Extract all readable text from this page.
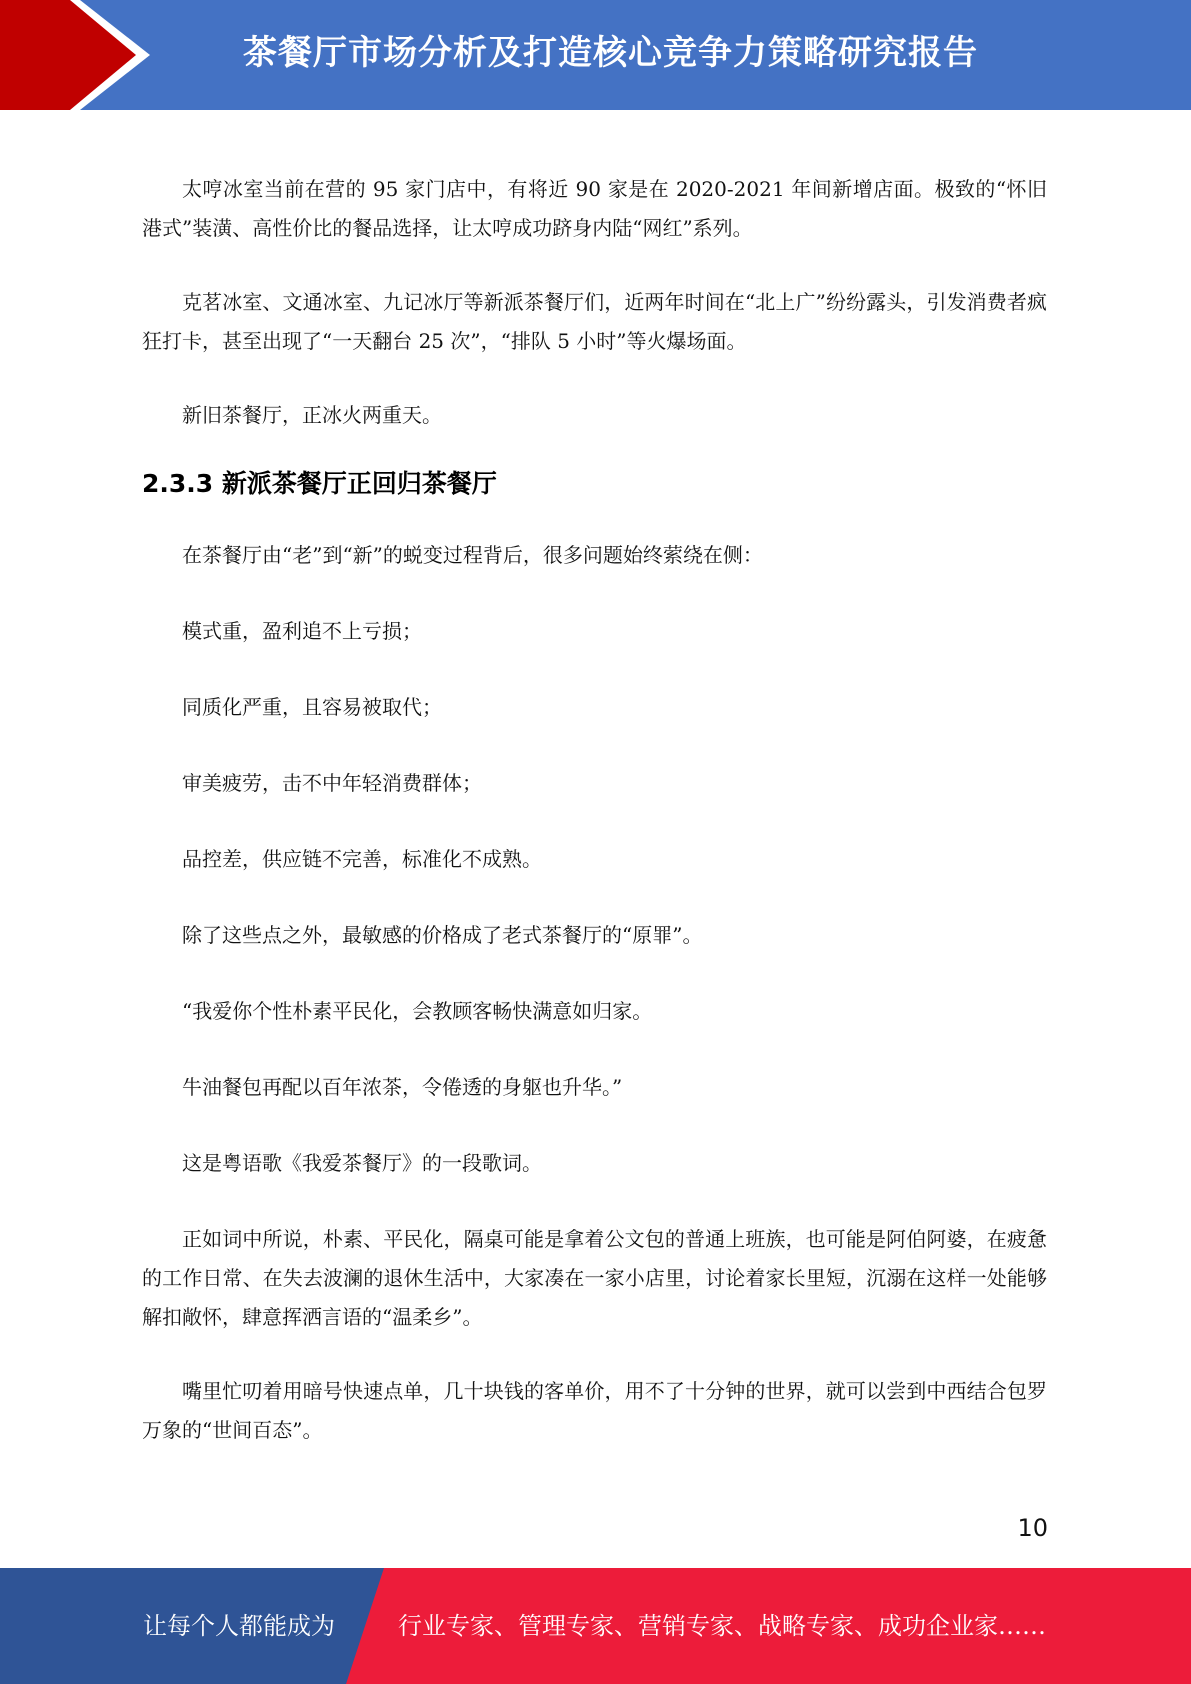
茶餐厅市场分析及打造核心竞争力策略研究报告

太哼冰室当前在营的 95 家门店中，有将近 90 家是在 2020-2021 年间新增店面。极致的“怀旧港式”装潢、高性价比的餐品选择，让太哼成功跻身内陆“网红”系列。

克茗冰室、文通冰室、九记冰厅等新派茶餐厅们，近两年时间在“北上广”纷纷露头，引发消费者疯狂打卡，甚至出现了“一天翻台 25 次”，“排队 5 小时”等火爆场面。

新旧茶餐厅，正冰火两重天。

2.3.3 新派茶餐厅正回归茶餐厅

在茶餐厅由“老”到“新”的蜕变过程背后，很多问题始终萦绕在侧：

模式重，盈利追不上亏损；

同质化严重，且容易被取代；

审美疲劳，击不中年轻消费群体；

品控差，供应链不完善，标准化不成熟。

除了这些点之外，最敏感的价格成了老式茶餐厅的“原罪”。

“我爱你个性朴素平民化，会教顾客畅快满意如归家。

牛油餐包再配以百年浓茶，令倦透的身躯也升华。”

这是粤语歌《我爱茶餐厅》的一段歌词。

正如词中所说，朴素、平民化，隔桌可能是拿着公文包的普通上班族，也可能是阿伯阿婆，在疲惫的工作日常、在失去波澜的退休生活中，大家凑在一家小店里，讨论着家长里短，沉溺在这样一处能够解扣敞怀，肆意挥洒言语的“温柔乡”。

嘴里忙叨着用暗号快速点单，几十块钱的客单价，用不了十分钟的世界，就可以尝到中西结合包罗万象的“世间百态”。

10
让每个人都能成为	行业专家、管理专家、营销专家、战略专家、成功企业家……
